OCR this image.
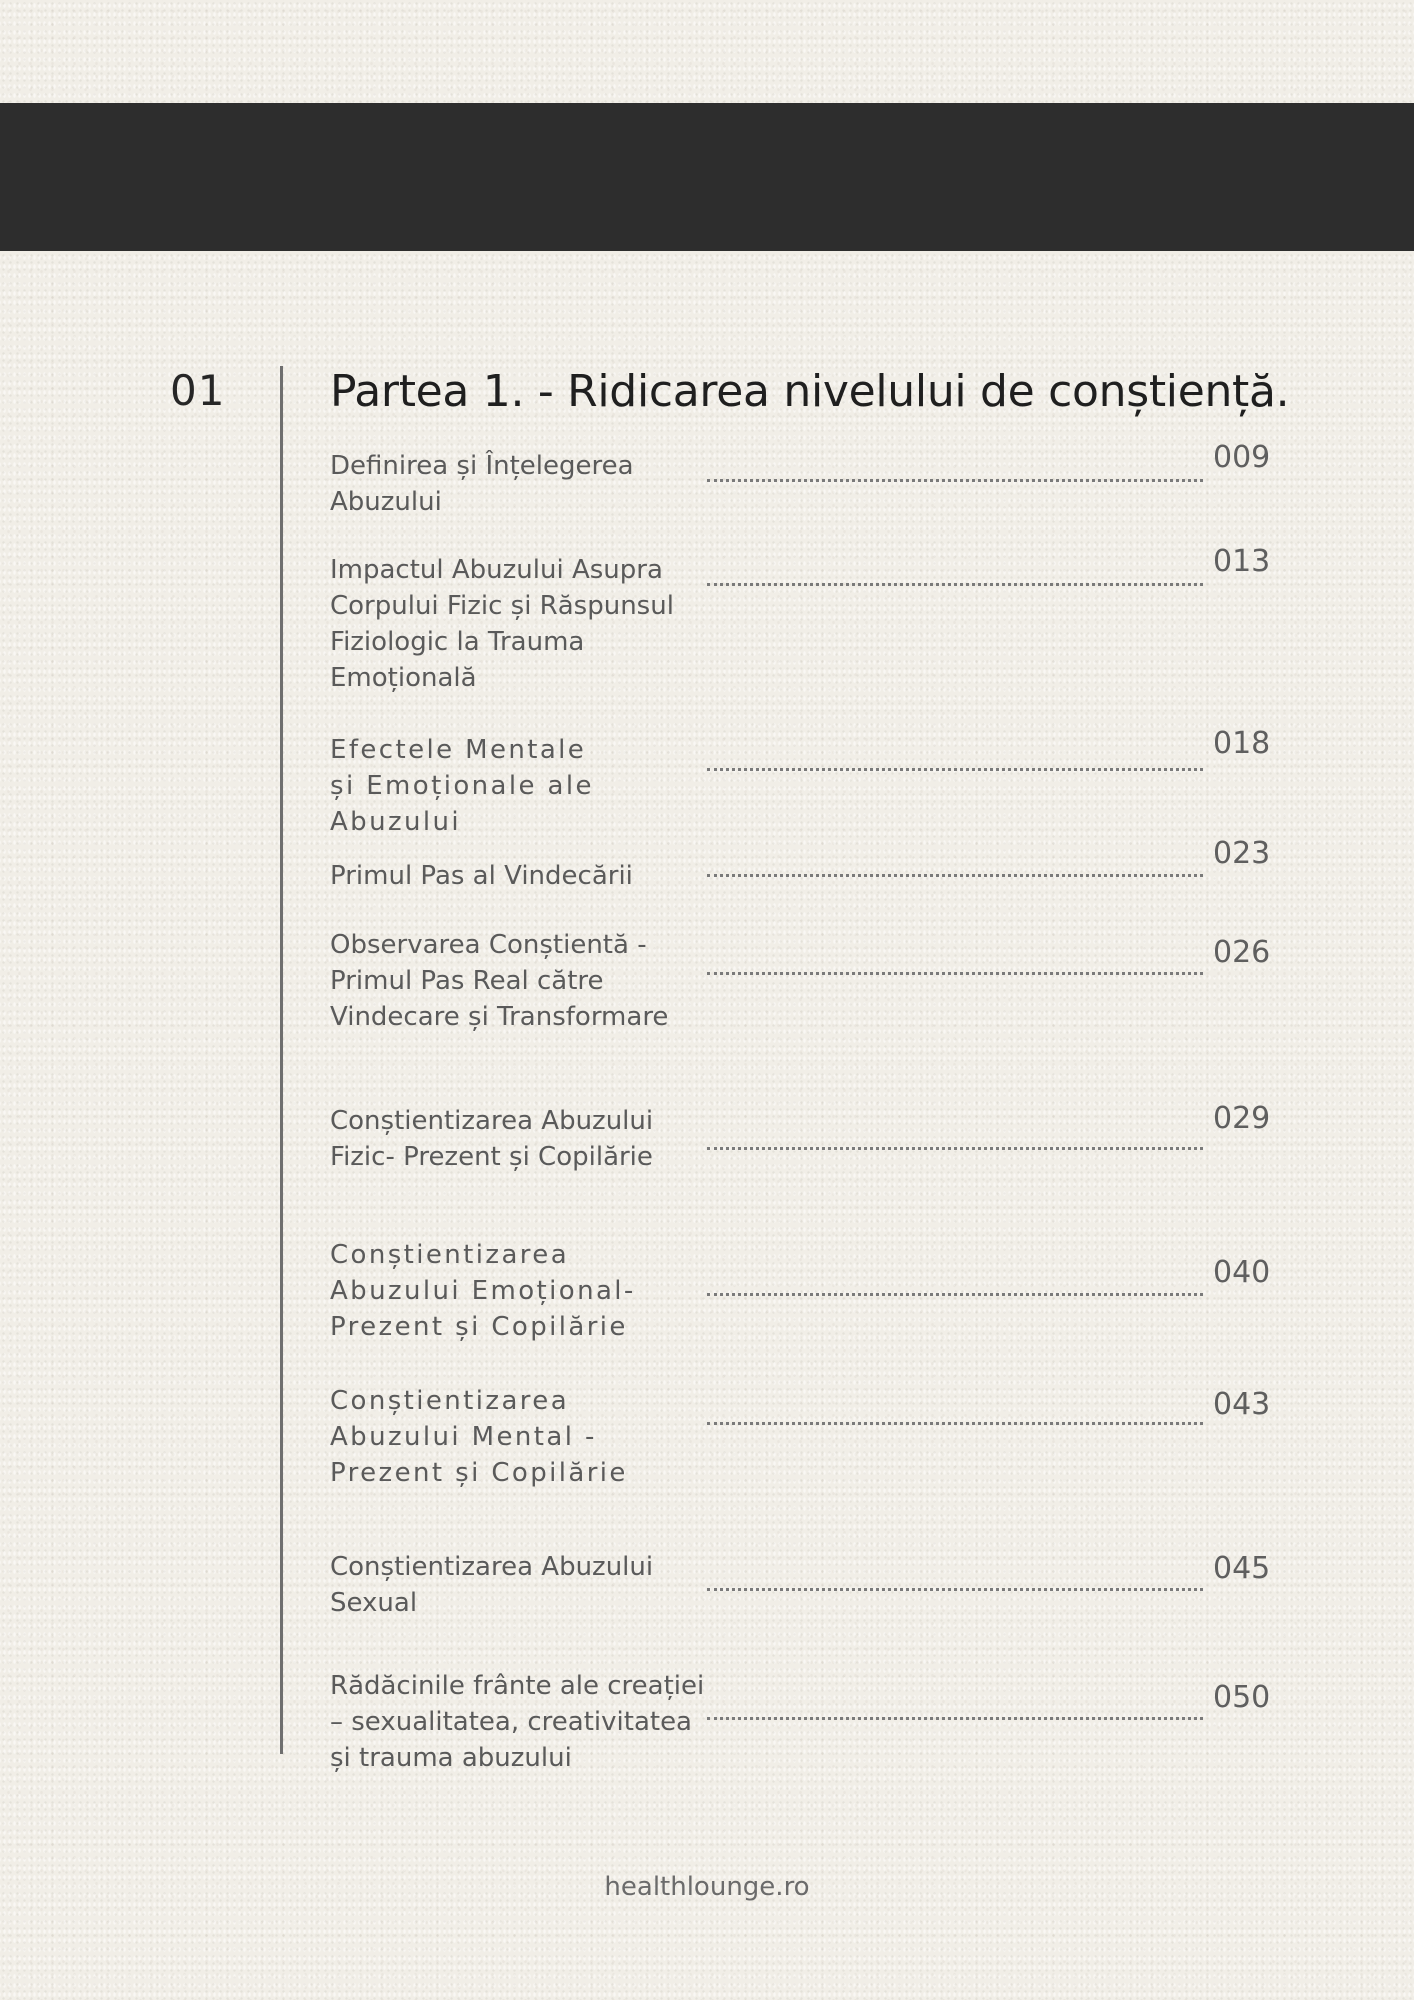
01 Partea 1. - Ridicarea nivelului de conștiență.
Definirea și Înțelegerea Abuzului
009
Impactul Abuzului Asupra Corpului Fizic și Răspunsul Fiziologic la Trauma Emoțională
013
Efectele Mentale și Emoționale ale Abuzului
018
Primul Pas al Vindecării
023
Observarea Conștientă - Primul Pas Real către Vindecare și Transformare
026
Conștientizarea Abuzului Fizic- Prezent și Copilărie
029
Conștientizarea Abuzului Emoțional- Prezent și Copilărie
040
Conștientizarea Abuzului Mental -Prezent și Copilărie
043
Conștientizarea Abuzului Sexual
045
Rădăcinile frânte ale creației – sexualitatea, creativitatea și trauma abuzului
050
healthlounge.ro
